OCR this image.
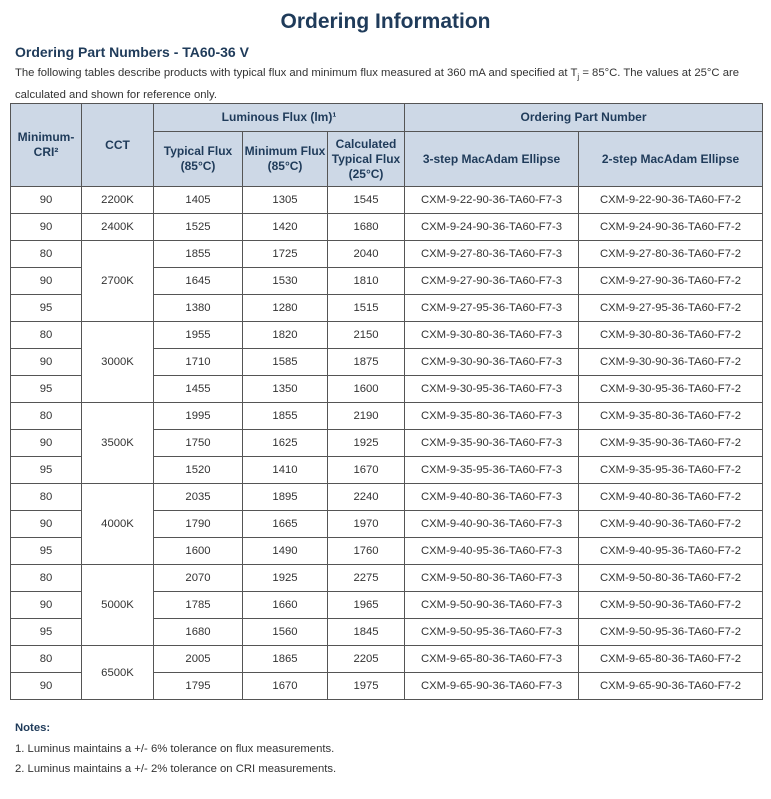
Ordering Information
Ordering Part Numbers - TA60-36 V
The following tables describe products with typical flux and minimum flux measured at 360 mA and specified at $T_j = 85^\circ C$. The values at 25°C are calculated and shown for reference only.
Minimum-CRI²	CCT	Luminous Flux (lm)¹			Ordering Part Number	
		Typical Flux (85°C)	Minimum Flux (85°C)	Calculated Typical Flux (25°C)	3-step MacAdam Ellipse	2-step MacAdam Ellipse
90	2200K	1405	1305	1545	CXM-9-22-90-36-TA60-F7-3	CXM-9-22-90-36-TA60-F7-2
90	2400K	1525	1420	1680	CXM-9-24-90-36-TA60-F7-3	CXM-9-24-90-36-TA60-F7-2
80	2700K	1855	1725	2040	CXM-9-27-80-36-TA60-F7-3	CXM-9-27-80-36-TA60-F7-2
90		1645	1530	1810	CXM-9-27-90-36-TA60-F7-3	CXM-9-27-90-36-TA60-F7-2
95		1380	1280	1515	CXM-9-27-95-36-TA60-F7-3	CXM-9-27-95-36-TA60-F7-2
80	3000K	1955	1820	2150	CXM-9-30-80-36-TA60-F7-3	CXM-9-30-80-36-TA60-F7-2
90		1710	1585	1875	CXM-9-30-90-36-TA60-F7-3	CXM-9-30-90-36-TA60-F7-2
95		1455	1350	1600	CXM-9-30-95-36-TA60-F7-3	CXM-9-30-95-36-TA60-F7-2
80	3500K	1995	1855	2190	CXM-9-35-80-36-TA60-F7-3	CXM-9-35-80-36-TA60-F7-2
90		1750	1625	1925	CXM-9-35-90-36-TA60-F7-3	CXM-9-35-90-36-TA60-F7-2
95		1520	1410	1670	CXM-9-35-95-36-TA60-F7-3	CXM-9-35-95-36-TA60-F7-2
80	4000K	2035	1895	2240	CXM-9-40-80-36-TA60-F7-3	CXM-9-40-80-36-TA60-F7-2
90		1790	1665	1970	CXM-9-40-90-36-TA60-F7-3	CXM-9-40-90-36-TA60-F7-2
95		1600	1490	1760	CXM-9-40-95-36-TA60-F7-3	CXM-9-40-95-36-TA60-F7-2
80	5000K	2070	1925	2275	CXM-9-50-80-36-TA60-F7-3	CXM-9-50-80-36-TA60-F7-2
90		1785	1660	1965	CXM-9-50-90-36-TA60-F7-3	CXM-9-50-90-36-TA60-F7-2
95		1680	1560	1845	CXM-9-50-95-36-TA60-F7-3	CXM-9-50-95-36-TA60-F7-2
80	6500K	2005	1865	2205	CXM-9-65-80-36-TA60-F7-3	CXM-9-65-80-36-TA60-F7-2
90		1795	1670	1975	CXM-9-65-90-36-TA60-F7-3	CXM-9-65-90-36-TA60-F7-2
Notes:
1. Luminus maintains a +/- 6% tolerance on flux measurements.
2. Luminus maintains a +/- 2% tolerance on CRI measurements.
